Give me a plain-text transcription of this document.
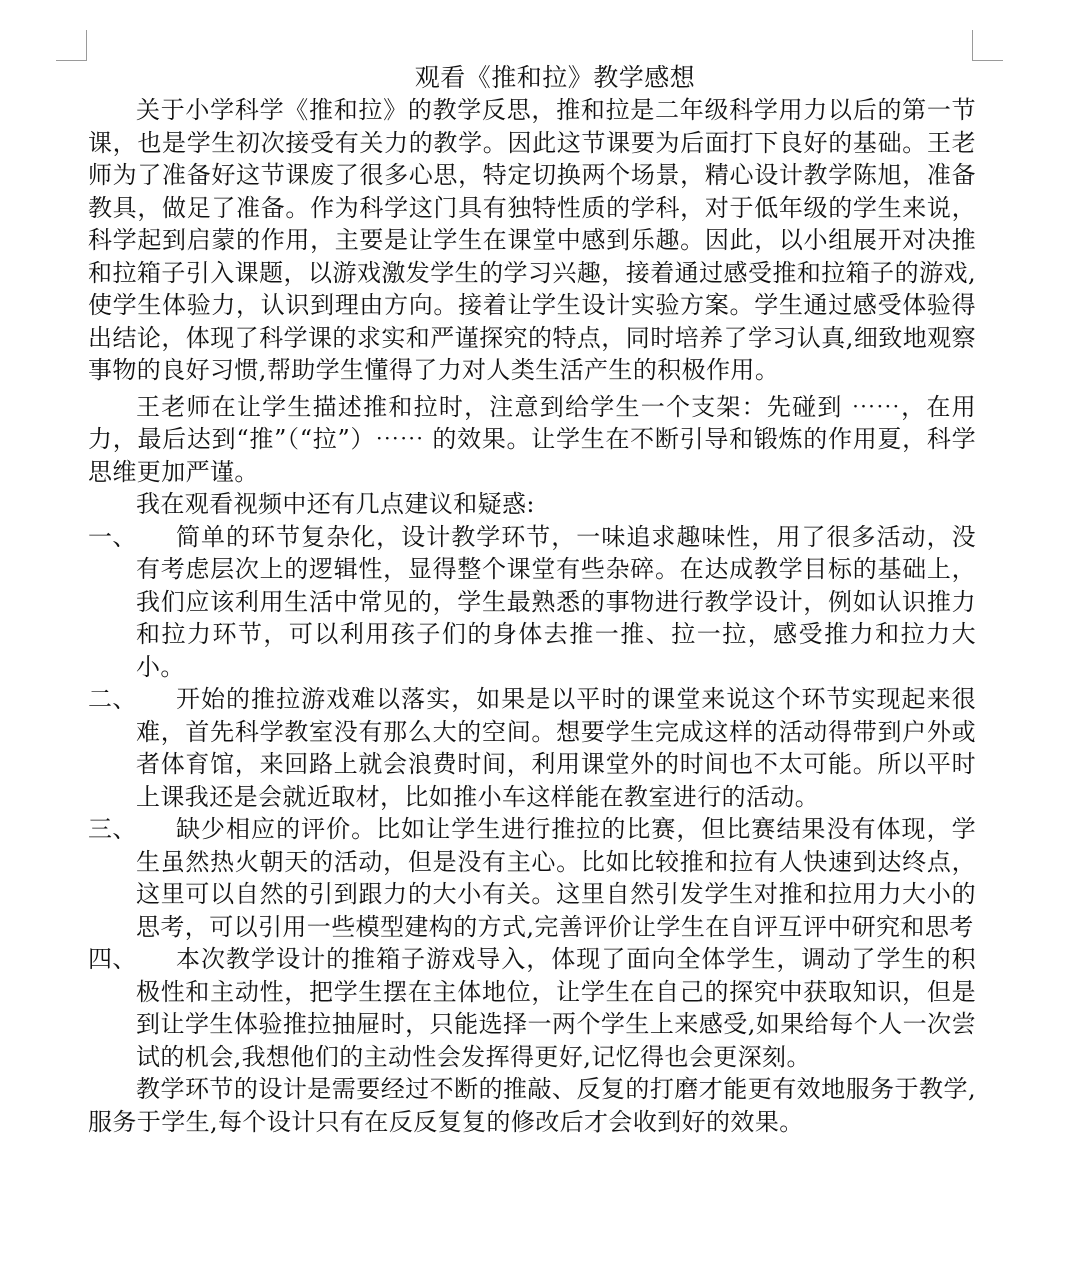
观看《推和拉》教学感想

关于小学科学《推和拉》的教学反思，推和拉是二年级科学用力以后的第一节课，也是学生初次接受有关力的教学。因此这节课要为后面打下良好的基础。王老师为了准备好这节课废了很多心思，特定切换两个场景，精心设计教学陈旭，准备教具，做足了准备。作为科学这门具有独特性质的学科，对于低年级的学生来说，科学起到启蒙的作用，主要是让学生在课堂中感到乐趣。因此，以小组展开对决推和拉箱子引入课题，以游戏激发学生的学习兴趣，接着通过感受推和拉箱子的游戏,使学生体验力，认识到理由方向。接着让学生设计实验方案。学生通过感受体验得出结论，体现了科学课的求实和严谨探究的特点，同时培养了学习认真,细致地观察事物的良好习惯,帮助学生懂得了力对人类生活产生的积极作用。

王老师在让学生描述推和拉时，注意到给学生一个支架：先碰到 ⋯⋯，在用力，最后达到“推”（“拉”）⋯⋯ 的效果。让学生在不断引导和锻炼的作用夏，科学思维更加严谨。

我在观看视频中还有几点建议和疑惑:

一、	简单的环节复杂化，设计教学环节，一味追求趣味性，用了很多活动，没有考虑层次上的逻辑性，显得整个课堂有些杂碎。在达成教学目标的基础上，我们应该利用生活中常见的，学生最熟悉的事物进行教学设计，例如认识推力和拉力环节，可以利用孩子们的身体去推一推、拉一拉，感受推力和拉力大小。
二、	开始的推拉游戏难以落实，如果是以平时的课堂来说这个环节实现起来很难，首先科学教室没有那么大的空间。想要学生完成这样的活动得带到户外或者体育馆，来回路上就会浪费时间，利用课堂外的时间也不太可能。所以平时上课我还是会就近取材，比如推小车这样能在教室进行的活动。
三、	缺少相应的评价。比如让学生进行推拉的比赛，但比赛结果没有体现，学生虽然热火朝天的活动，但是没有主心。比如比较推和拉有人快速到达终点，这里可以自然的引到跟力的大小有关。这里自然引发学生对推和拉用力大小的思考，可以引用一些模型建构的方式,完善评价让学生在自评互评中研究和思考
四、	本次教学设计的推箱子游戏导入，体现了面向全体学生，调动了学生的积极性和主动性，把学生摆在主体地位，让学生在自己的探究中获取知识，但是到让学生体验推拉抽屉时，只能选择一两个学生上来感受,如果给每个人一次尝试的机会,我想他们的主动性会发挥得更好,记忆得也会更深刻。

教学环节的设计是需要经过不断的推敲、反复的打磨才能更有效地服务于教学,服务于学生,每个设计只有在反反复复的修改后才会收到好的效果。
